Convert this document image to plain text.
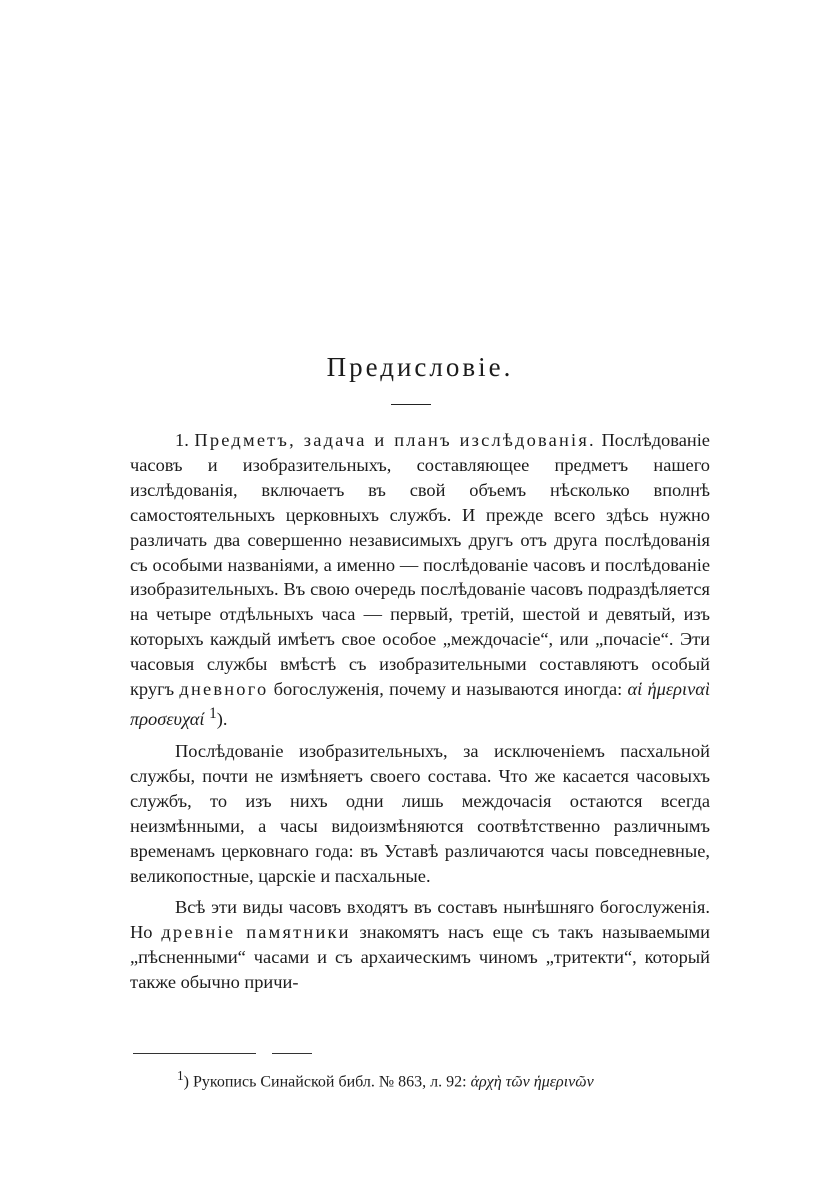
Предисловіе.

1. Предметъ, задача и планъ изслѣдованія. Послѣдованіе часовъ и изобразительныхъ, составляющее предметъ нашего изслѣдованія, включаетъ въ свой объемъ нѣсколько вполнѣ самостоятельныхъ церковныхъ службъ. И прежде всего здѣсь нужно различать два совершенно независимыхъ другъ отъ друга послѣдованія съ особыми названіями, а именно — послѣдованіе часовъ и послѣдованіе изобразительныхъ. Въ свою очередь послѣдованіе часовъ подраздѣляется на четыре отдѣльныхъ часа — первый, третій, шестой и девятый, изъ которыхъ каждый имѣетъ свое особое „междочасіе“, или „почасіе“. Эти часовыя службы вмѣстѣ съ изобразительными составляютъ особый кругъ дневного богослуженія, почему и называются иногда: αἱ ἡμεριναὶ προσευχαί $^1$).

Послѣдованіе изобразительныхъ, за исключеніемъ пасхальной службы, почти не измѣняетъ своего состава. Что же касается часовыхъ службъ, то изъ нихъ одни лишь междочасія остаются всегда неизмѣнными, а часы видоизмѣняются соотвѣтственно различнымъ временамъ церковнаго года: въ Уставѣ различаются часы повседневные, великопостные, царскіе и пасхальные.

Всѣ эти виды часовъ входятъ въ составъ нынѣшняго богослуженія. Но древніе памятники знакомятъ насъ еще съ такъ называемыми „пѣсненными“ часами и съ архаическимъ чиномъ „тритекти“, который также обычно причи-

$^1$) Рукопись Синайской библ. № 863, л. 92: ἀρχὴ τῶν ἡμερινῶν
